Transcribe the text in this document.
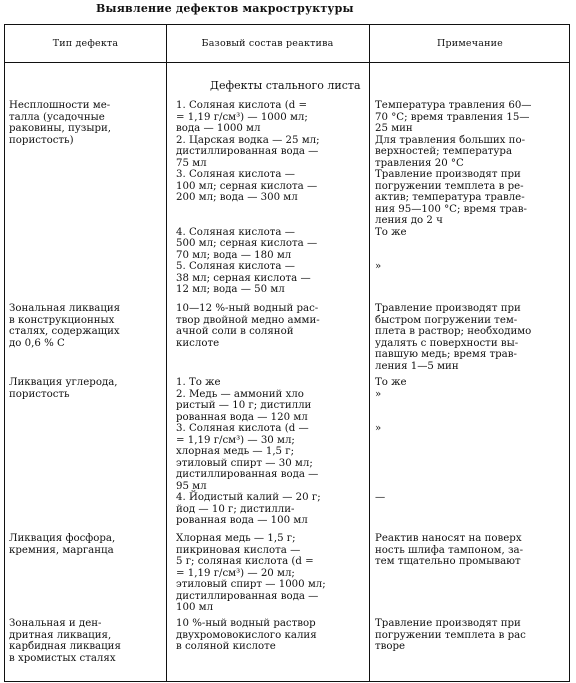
Выявление дефектов макроструктуры
Тип дефекта	Базовый состав реактива	Примечание
Дефекты стального листа
Несплошности ме-
талла (усадочные
раковины, пузыри,
пористость)
1. Соляная кислота (d =
= 1,19 г/см³) — 1000 мл;
вода — 1000 мл
2. Царская водка — 25 мл;
дистиллированная вода —
75 мл
3. Соляная кислота —
100 мл; серная кислота —
200 мл; вода — 300 мл

4. Соляная кислота —
500 мл; серная кислота —
70 мл; вода — 180 мл
5. Соляная кислота —
38 мл; серная кислота —
12 мл; вода — 50 мл
Температура травления 60—
70 °С; время травления 15—
25 мин
Для травления больших по-
верхностей; температура
травления 20 °С
Травление производят при
погружении темплета в ре-
актив; температура травле-
ния 95—100 °С; время трав-
ления до 2 ч
То же

»

Зональная ликвация
в конструкционных
сталях, содержащих
до 0,6 % С
10—12 %-ный водный рас-
твор двойной медно амми-
ачной соли в соляной
кислоте
Травление производят при
быстром погружении тем-
плета в раствор; необходимо
удалять с поверхности вы-
павшую медь; время трав-
ления 1—5 мин
Ликвация углерода,
пористость
1. То же
2. Медь — аммоний хло
ристый — 10 г; дистилли
рованная вода — 120 мл
3. Соляная кислота (d —
= 1,19 г/см³) — 30 мл;
хлорная медь — 1,5 г;
этиловый спирт — 30 мл;
дистиллированная вода —
95 мл
4. Йодистый калий — 20 г;
йод — 10 г; дистилли-
рованная вода — 100 мл
То же
»

»

—

Ликвация фосфора,
кремния, марганца
Хлорная медь — 1,5 г;
пикриновая кислота —
5 г; соляная кислота (d =
= 1,19 г/см³) — 20 мл;
этиловый спирт — 1000 мл;
дистиллированная вода —
100 мл
Реактив наносят на поверх
ность шлифа тампоном, за-
тем тщательно промывают
Зональная и ден-
дритная ликвация,
карбидная ликвация
в хромистых сталях
10 %-ный водный раствор
двухромовокислого калия
в соляной кислоте
Травление производят при
погружении темплета в рас
творе
